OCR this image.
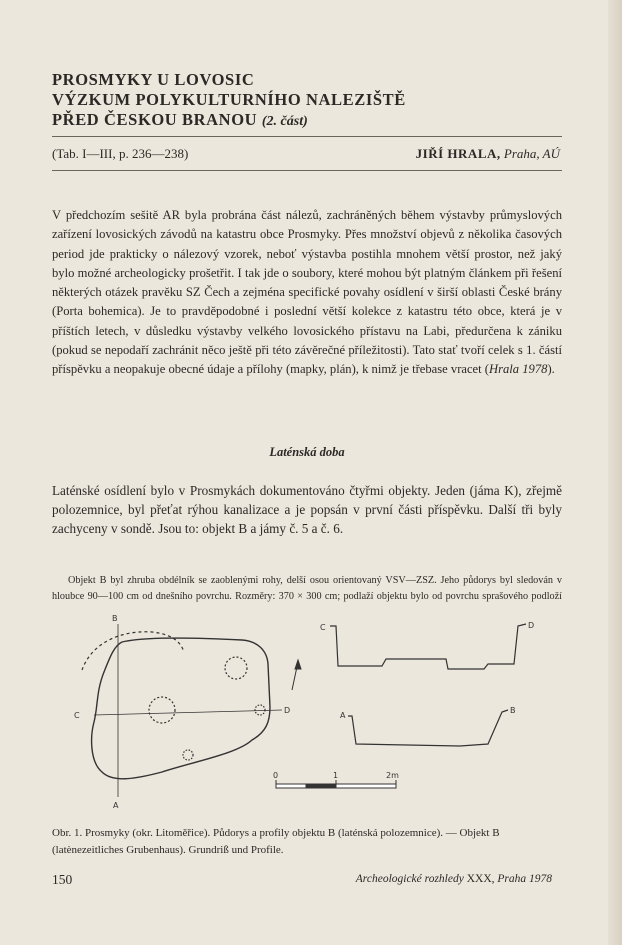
PROSMYKY U LOVOSIC
VÝZKUM POLYKULTURNÍHO NALEZIŠTĚ
PŘED ČESKOU BRANOU (2. část)
(Tab. I—III, p. 236—238)	JIŘÍ HRALA, Praha, AÚ
V předchozím sešitě AR byla probrána část nálezů, zachráněných během výstavby průmyslových zařízení lovosických závodů na katastru obce Prosmyky. Přes množství objevů z několika časových period jde prakticky o nálezový vzorek, neboť výstavba postihla mnohem větší prostor, než jaký bylo možné archeologicky prošetřit. I tak jde o soubory, které mohou být platným článkem při řešení některých otázek pravěku SZ Čech a zejména specifické povahy osídlení v širší oblasti České brány (Porta bohemica). Je to pravděpodobné i poslední větší kolekce z katastru této obce, která je v příštích letech, v důsledku výstavby velkého lovosického přístavu na Labi, předurčena k zániku (pokud se nepodaří zachránit něco ještě při této závěrečné příležitosti). Tato stať tvoří celek s 1. částí příspěvku a neopakuje obecné údaje a přílohy (mapky, plán), k nimž je třebase vracet (Hrala 1978).
Laténská doba
Laténské osídlení bylo v Prosmykách dokumentováno čtyřmi objekty. Jeden (jáma K), zřejmě polozemnice, byl přeťat rýhou kanalizace a je popsán v první části příspěvku. Další tři byly zachyceny v sondě. Jsou to: objekt B a jámy č. 5 a č. 6.
Objekt B byl zhruba obdélník se zaoblenými rohy, delší osou orientovaný VSV—ZSZ. Jeho půdorys byl sledován v hloubce 90—100 cm od dnešního povrchu. Rozměry: 370 × 300 cm; podlaží objektu bylo od povrchu sprašového podloží
B
C
D
A
C	D
A
B
0	1	2m
Obr. 1. Prosmyky (okr. Litoměřice). Půdorys a profily objektu B (laténská polozemnice). — Objekt B (latènezeitliches Grubenhaus). Grundriß und Profile.
150	Archeologické rozhledy XXX, Praha 1978
